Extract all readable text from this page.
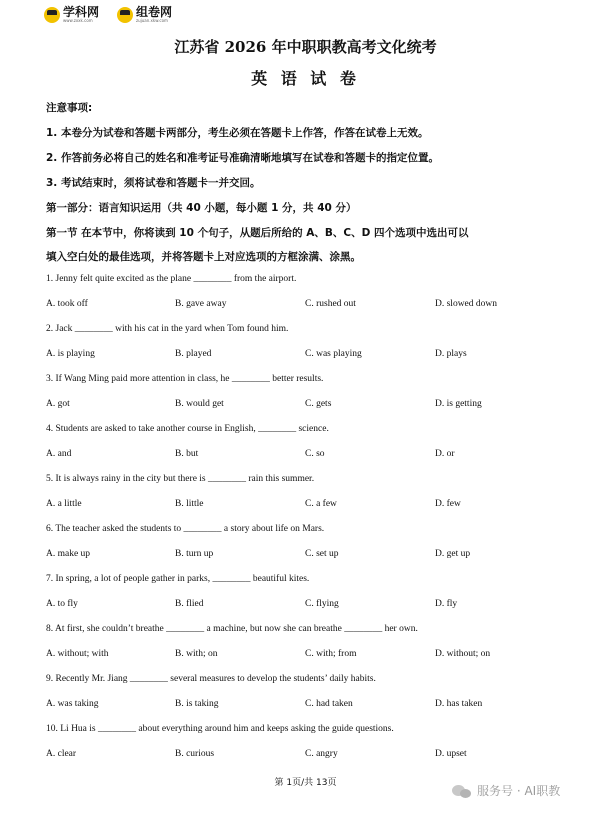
学科网
www.zxxk.com
组卷网
zujuan.xkw.com
江苏省 2026 年中职职教高考文化统考
英 语 试 卷
注意事项:
1. 本卷分为试卷和答题卡两部分，考生必须在答题卡上作答，作答在试卷上无效。
2. 作答前务必将自己的姓名和准考证号准确清晰地填写在试卷和答题卡的指定位置。
3. 考试结束时，须将试卷和答题卡一并交回。
第一部分：语言知识运用（共 40 小题，每小题 1 分，共 40 分）
第一节 在本节中，你将读到 10 个句子，从题后所给的 A、B、C、D 四个选项中选出可以
填入空白处的最佳选项，并将答题卡上对应选项的方框涂满、涂黑。
1. Jenny felt quite excited as the plane ________ from the airport.
A. took off	B. gave away	C. rushed out	D. slowed down
2. Jack ________ with his cat in the yard when Tom found him.
A. is playing	B. played	C. was playing	D. plays
3. If Wang Ming paid more attention in class, he ________ better results.
A. got	B. would get	C. gets	D. is getting
4. Students are asked to take another course in English, ________ science.
A. and	B. but	C. so	D. or
5. It is always rainy in the city but there is ________ rain this summer.
A. a little	B. little	C. a few	D. few
6. The teacher asked the students to ________ a story about life on Mars.
A. make up	B. turn up	C. set up	D. get up
7. In spring, a lot of people gather in parks, ________ beautiful kites.
A. to fly	B. flied	C. flying	D. fly
8. At first, she couldn’t breathe ________ a machine, but now she can breathe ________ her own.
A. without; with	B. with; on	C. with; from	D. without; on
9. Recently Mr. Jiang ________ several measures to develop the students’ daily habits.
A. was taking	B. is taking	C. had taken	D. has taken
10. Li Hua is ________ about everything around him and keeps asking the guide questions.
A. clear	B. curious	C. angry	D. upset
第 1页/共 13页
服务号 · AI职教
